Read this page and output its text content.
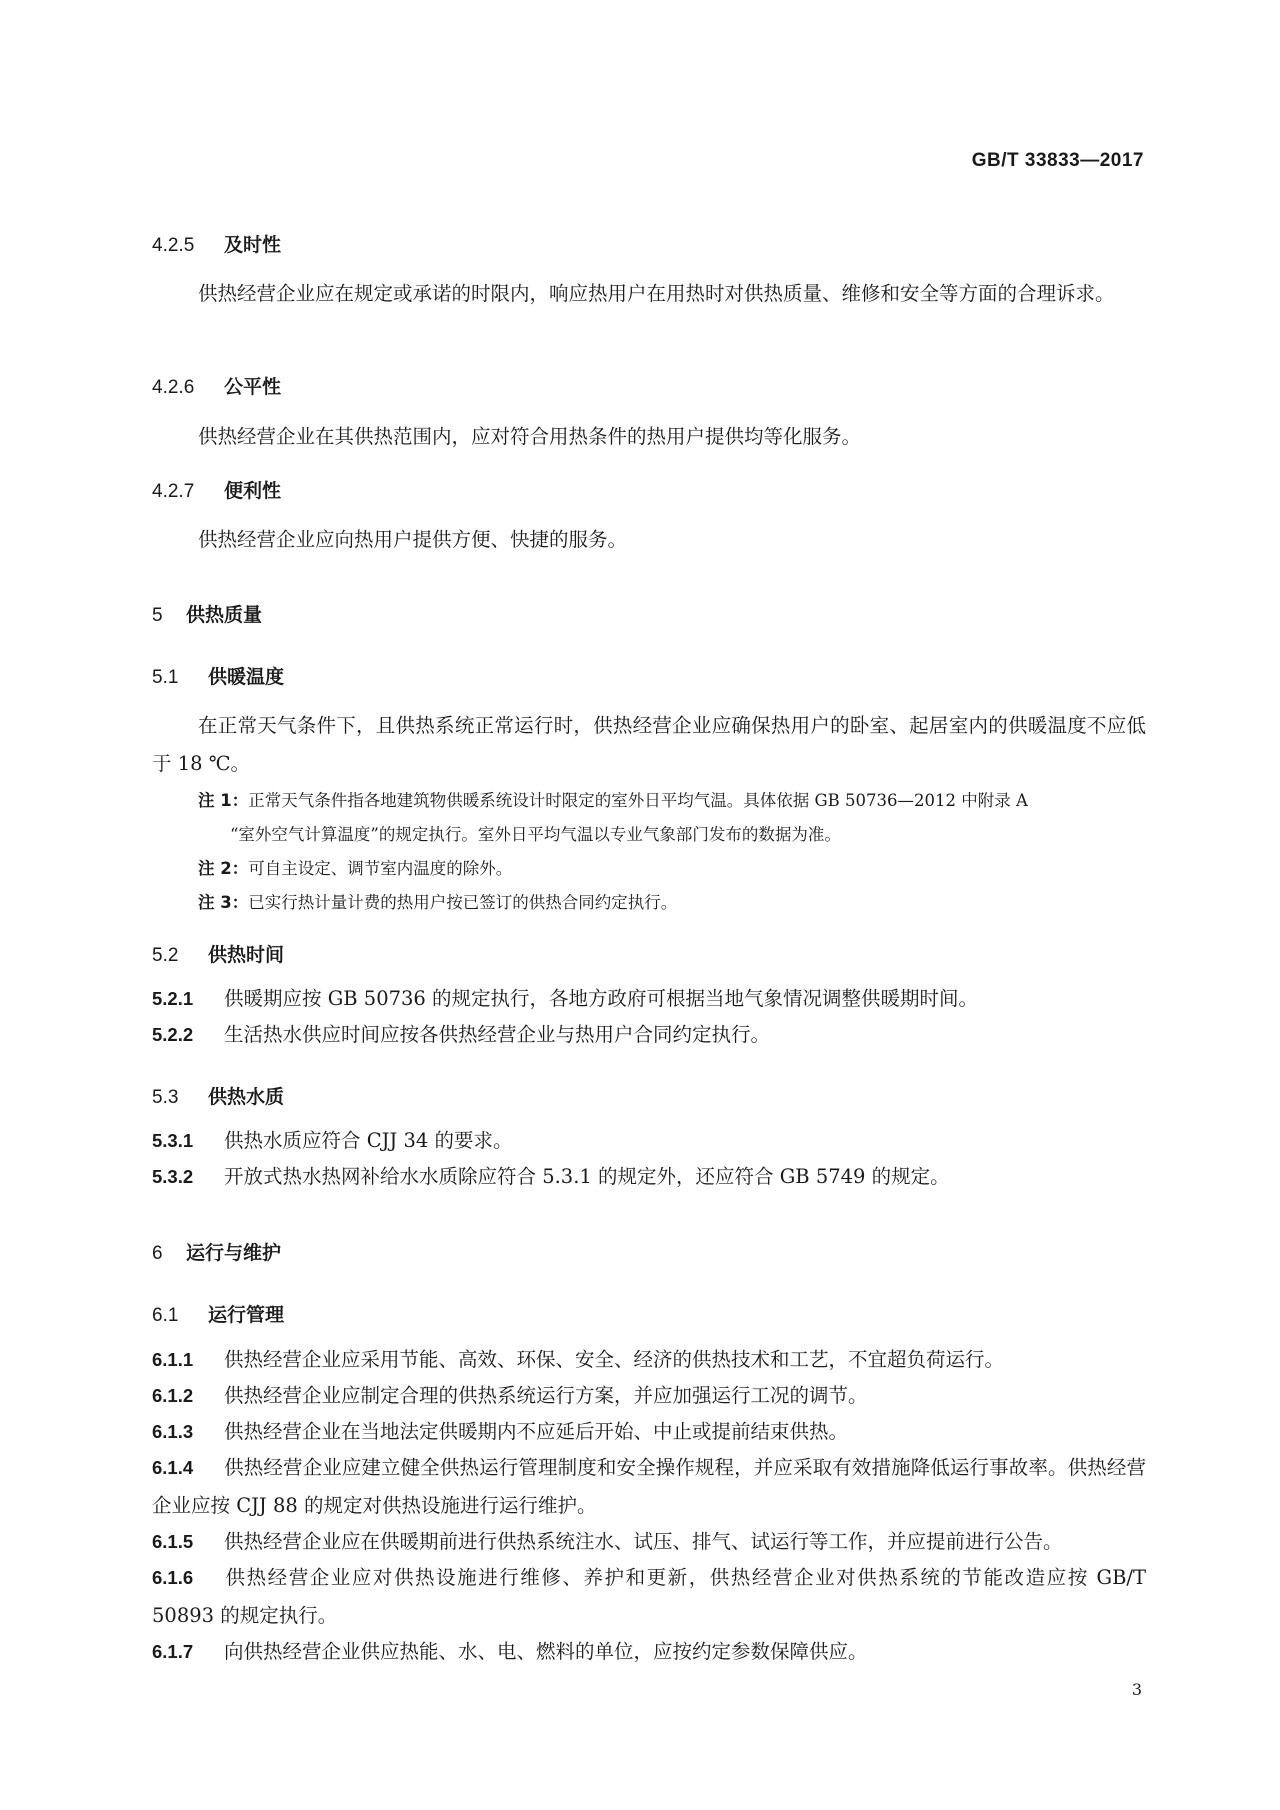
GB/T 33833—2017
4.2.5 及时性
供热经营企业应在规定或承诺的时限内，响应热用户在用热时对供热质量、维修和安全等方面的合理诉求。
4.2.6 公平性
供热经营企业在其供热范围内，应对符合用热条件的热用户提供均等化服务。
4.2.7 便利性
供热经营企业应向热用户提供方便、快捷的服务。
5 供热质量
5.1 供暖温度
在正常天气条件下，且供热系统正常运行时，供热经营企业应确保热用户的卧室、起居室内的供暖温度不应低于 18 ℃。
注 1：正常天气条件指各地建筑物供暖系统设计时限定的室外日平均气温。具体依据 GB 50736—2012 中附录 A
“室外空气计算温度”的规定执行。室外日平均气温以专业气象部门发布的数据为准。
注 2：可自主设定、调节室内温度的除外。
注 3：已实行热计量计费的热用户按已签订的供热合同约定执行。
5.2 供热时间
5.2.1 供暖期应按 GB 50736 的规定执行，各地方政府可根据当地气象情况调整供暖期时间。
5.2.2 生活热水供应时间应按各供热经营企业与热用户合同约定执行。
5.3 供热水质
5.3.1 供热水质应符合 CJJ 34 的要求。
5.3.2 开放式热水热网补给水水质除应符合 5.3.1 的规定外，还应符合 GB 5749 的规定。
6 运行与维护
6.1 运行管理
6.1.1 供热经营企业应采用节能、高效、环保、安全、经济的供热技术和工艺，不宜超负荷运行。
6.1.2 供热经营企业应制定合理的供热系统运行方案，并应加强运行工况的调节。
6.1.3 供热经营企业在当地法定供暖期内不应延后开始、中止或提前结束供热。
6.1.4 供热经营企业应建立健全供热运行管理制度和安全操作规程，并应采取有效措施降低运行事故率。供热经营企业应按 CJJ 88 的规定对供热设施进行运行维护。
6.1.5 供热经营企业应在供暖期前进行供热系统注水、试压、排气、试运行等工作，并应提前进行公告。
6.1.6 供热经营企业应对供热设施进行维修、养护和更新，供热经营企业对供热系统的节能改造应按 GB/T 50893 的规定执行。
6.1.7 向供热经营企业供应热能、水、电、燃料的单位，应按约定参数保障供应。
3
